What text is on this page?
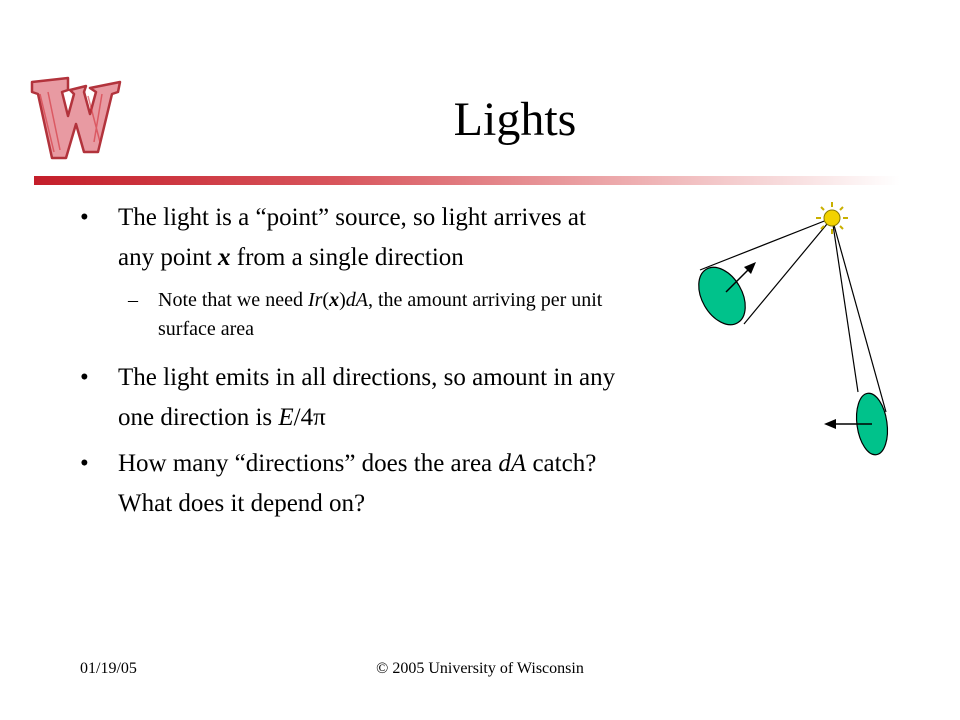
Lights
• The light is a “point” source, so light arrives at any point x from a single direction
– Note that we need Ir(x)dA, the amount arriving per unit surface area
• The light emits in all directions, so amount in any one direction is E/4π
• How many “directions” does the area dA catch? What does it depend on?
01/19/05	© 2005 University of Wisconsin
